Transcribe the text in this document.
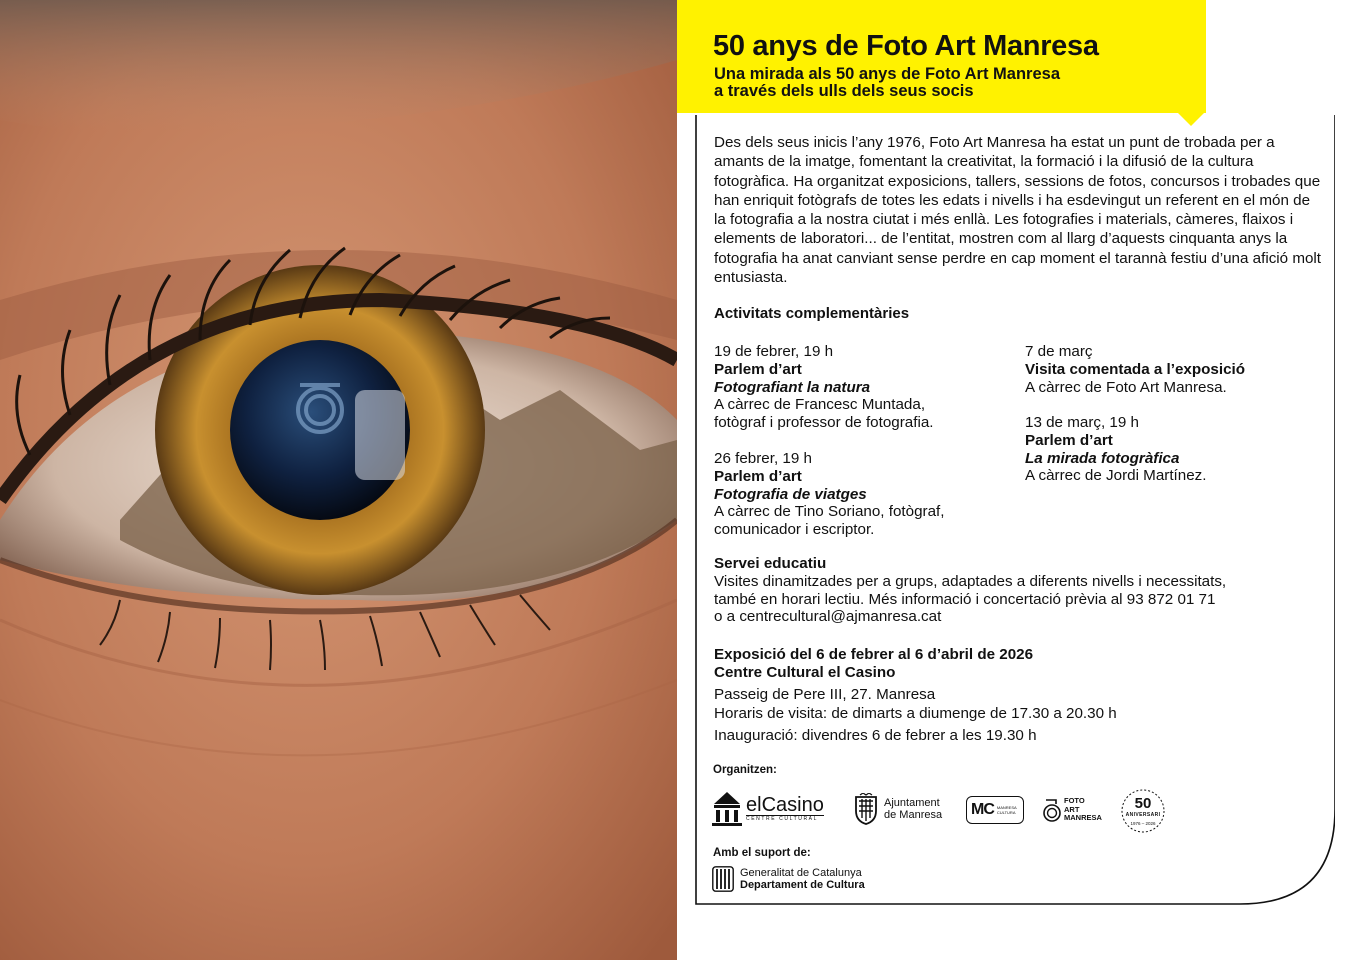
50 anys de Foto Art Manresa
Una mirada als 50 anys de Foto Art Manresa
a través dels ulls dels seus socis

Des dels seus inicis l’any 1976, Foto Art Manresa ha estat un punt de trobada per a amants de la imatge, fomentant la creativitat, la formació i la difusió de la cultura fotogràfica. Ha organitzat exposicions, tallers, sessions de fotos, concursos i trobades que han enriquit fotògrafs de totes les edats i nivells i ha esdevingut un referent en el món de la fotografia a la nostra ciutat i més enllà. Les fotografies i materials, càmeres, flaixos i elements de laboratori... de l’entitat, mostren com al llarg d’aquests cinquanta anys la fotografia ha anat canviant sense perdre en cap moment el tarannà festiu d’una afició molt entusiasta.

Activitats complementàries

19 de febrer, 19 h
Parlem d’art
Fotografiant la natura
A càrrec de Francesc Muntada,
fotògraf i professor de fotografia.
26 febrer, 19 h
Parlem d’art
Fotografia de viatges
A càrrec de Tino Soriano, fotògraf,
comunicador i escriptor.
7 de març
Visita comentada a l’exposició
A càrrec de Foto Art Manresa.
13 de març, 19 h
Parlem d’art
La mirada fotogràfica
A càrrec de Jordi Martínez.
Servei educatiu
Visites dinamitzades per a grups, adaptades a diferents nivells i necessitats,
també en horari lectiu. Més informació i concertació prèvia al 93 872 01 71
o a centrecultural@ajmanresa.cat
Exposició del 6 de febrer al 6 d’abril de 2026
Centre Cultural el Casino
Passeig de Pere III, 27. Manresa
Horaris de visita: de dimarts a diumenge de 17.30 a 20.30 h
Inauguració: divendres 6 de febrer a les 19.30 h
Organitzen:
elCasino
CENTRE CULTURAL
Ajuntament
de Manresa MC MANRESA
CULTURA
FOTO
ART
MANRESA
50
ANIVERSARI
1976 – 2026
Amb el suport de:
Generalitat de Catalunya
Departament de Cultura
